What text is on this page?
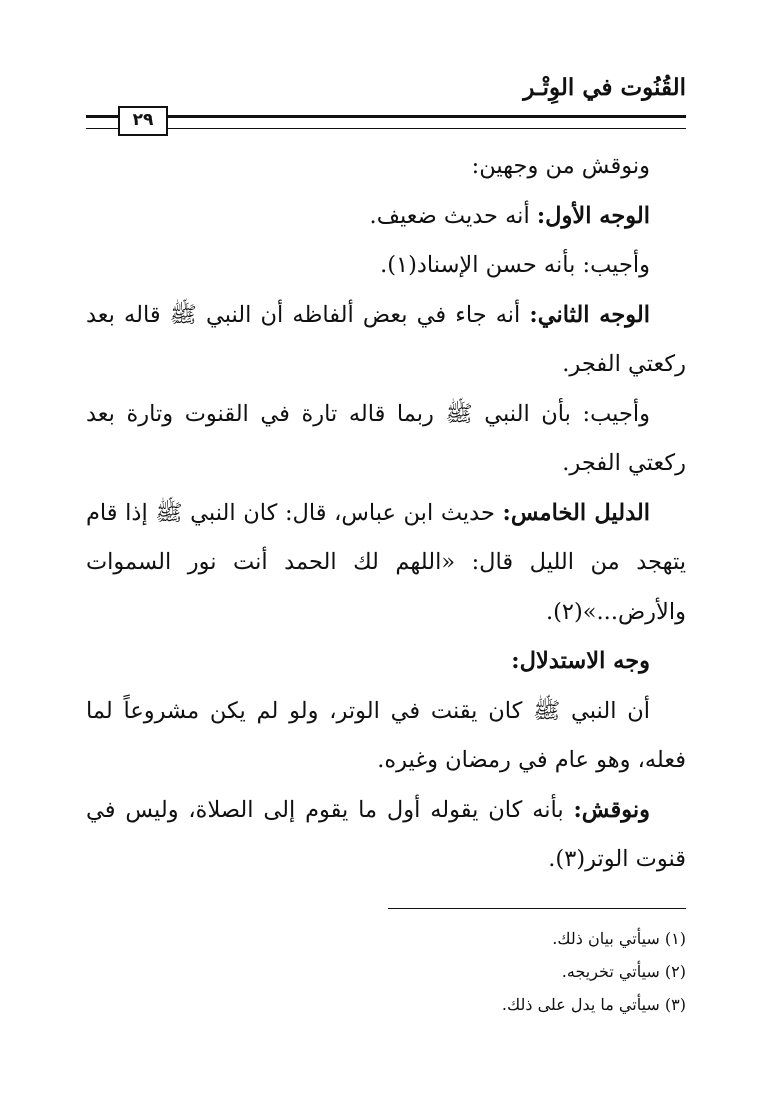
القُنُوت في الوِتْـر
٢٩

ونوقش من وجهين:

الوجه الأول: أنه حديث ضعيف.

وأجيب: بأنه حسن الإسناد(١).

الوجه الثاني: أنه جاء في بعض ألفاظه أن النبي ﷺ قاله بعد ركعتي الفجر.

وأجيب: بأن النبي ﷺ ربما قاله تارة في القنوت وتارة بعد ركعتي الفجر.

الدليل الخامس: حديث ابن عباس، قال: كان النبي ﷺ إذا قام يتهجد من الليل قال: «اللهم لك الحمد أنت نور السموات والأرض...»(٢).

وجه الاستدلال:

أن النبي ﷺ كان يقنت في الوتر، ولو لم يكن مشروعاً لما فعله، وهو عام في رمضان وغيره.

ونوقش: بأنه كان يقوله أول ما يقوم إلى الصلاة، وليس في قنوت الوتر(٣).

(١) سيأتي بيان ذلك.
(٢) سيأتي تخريجه.
(٣) سيأتي ما يدل على ذلك.
